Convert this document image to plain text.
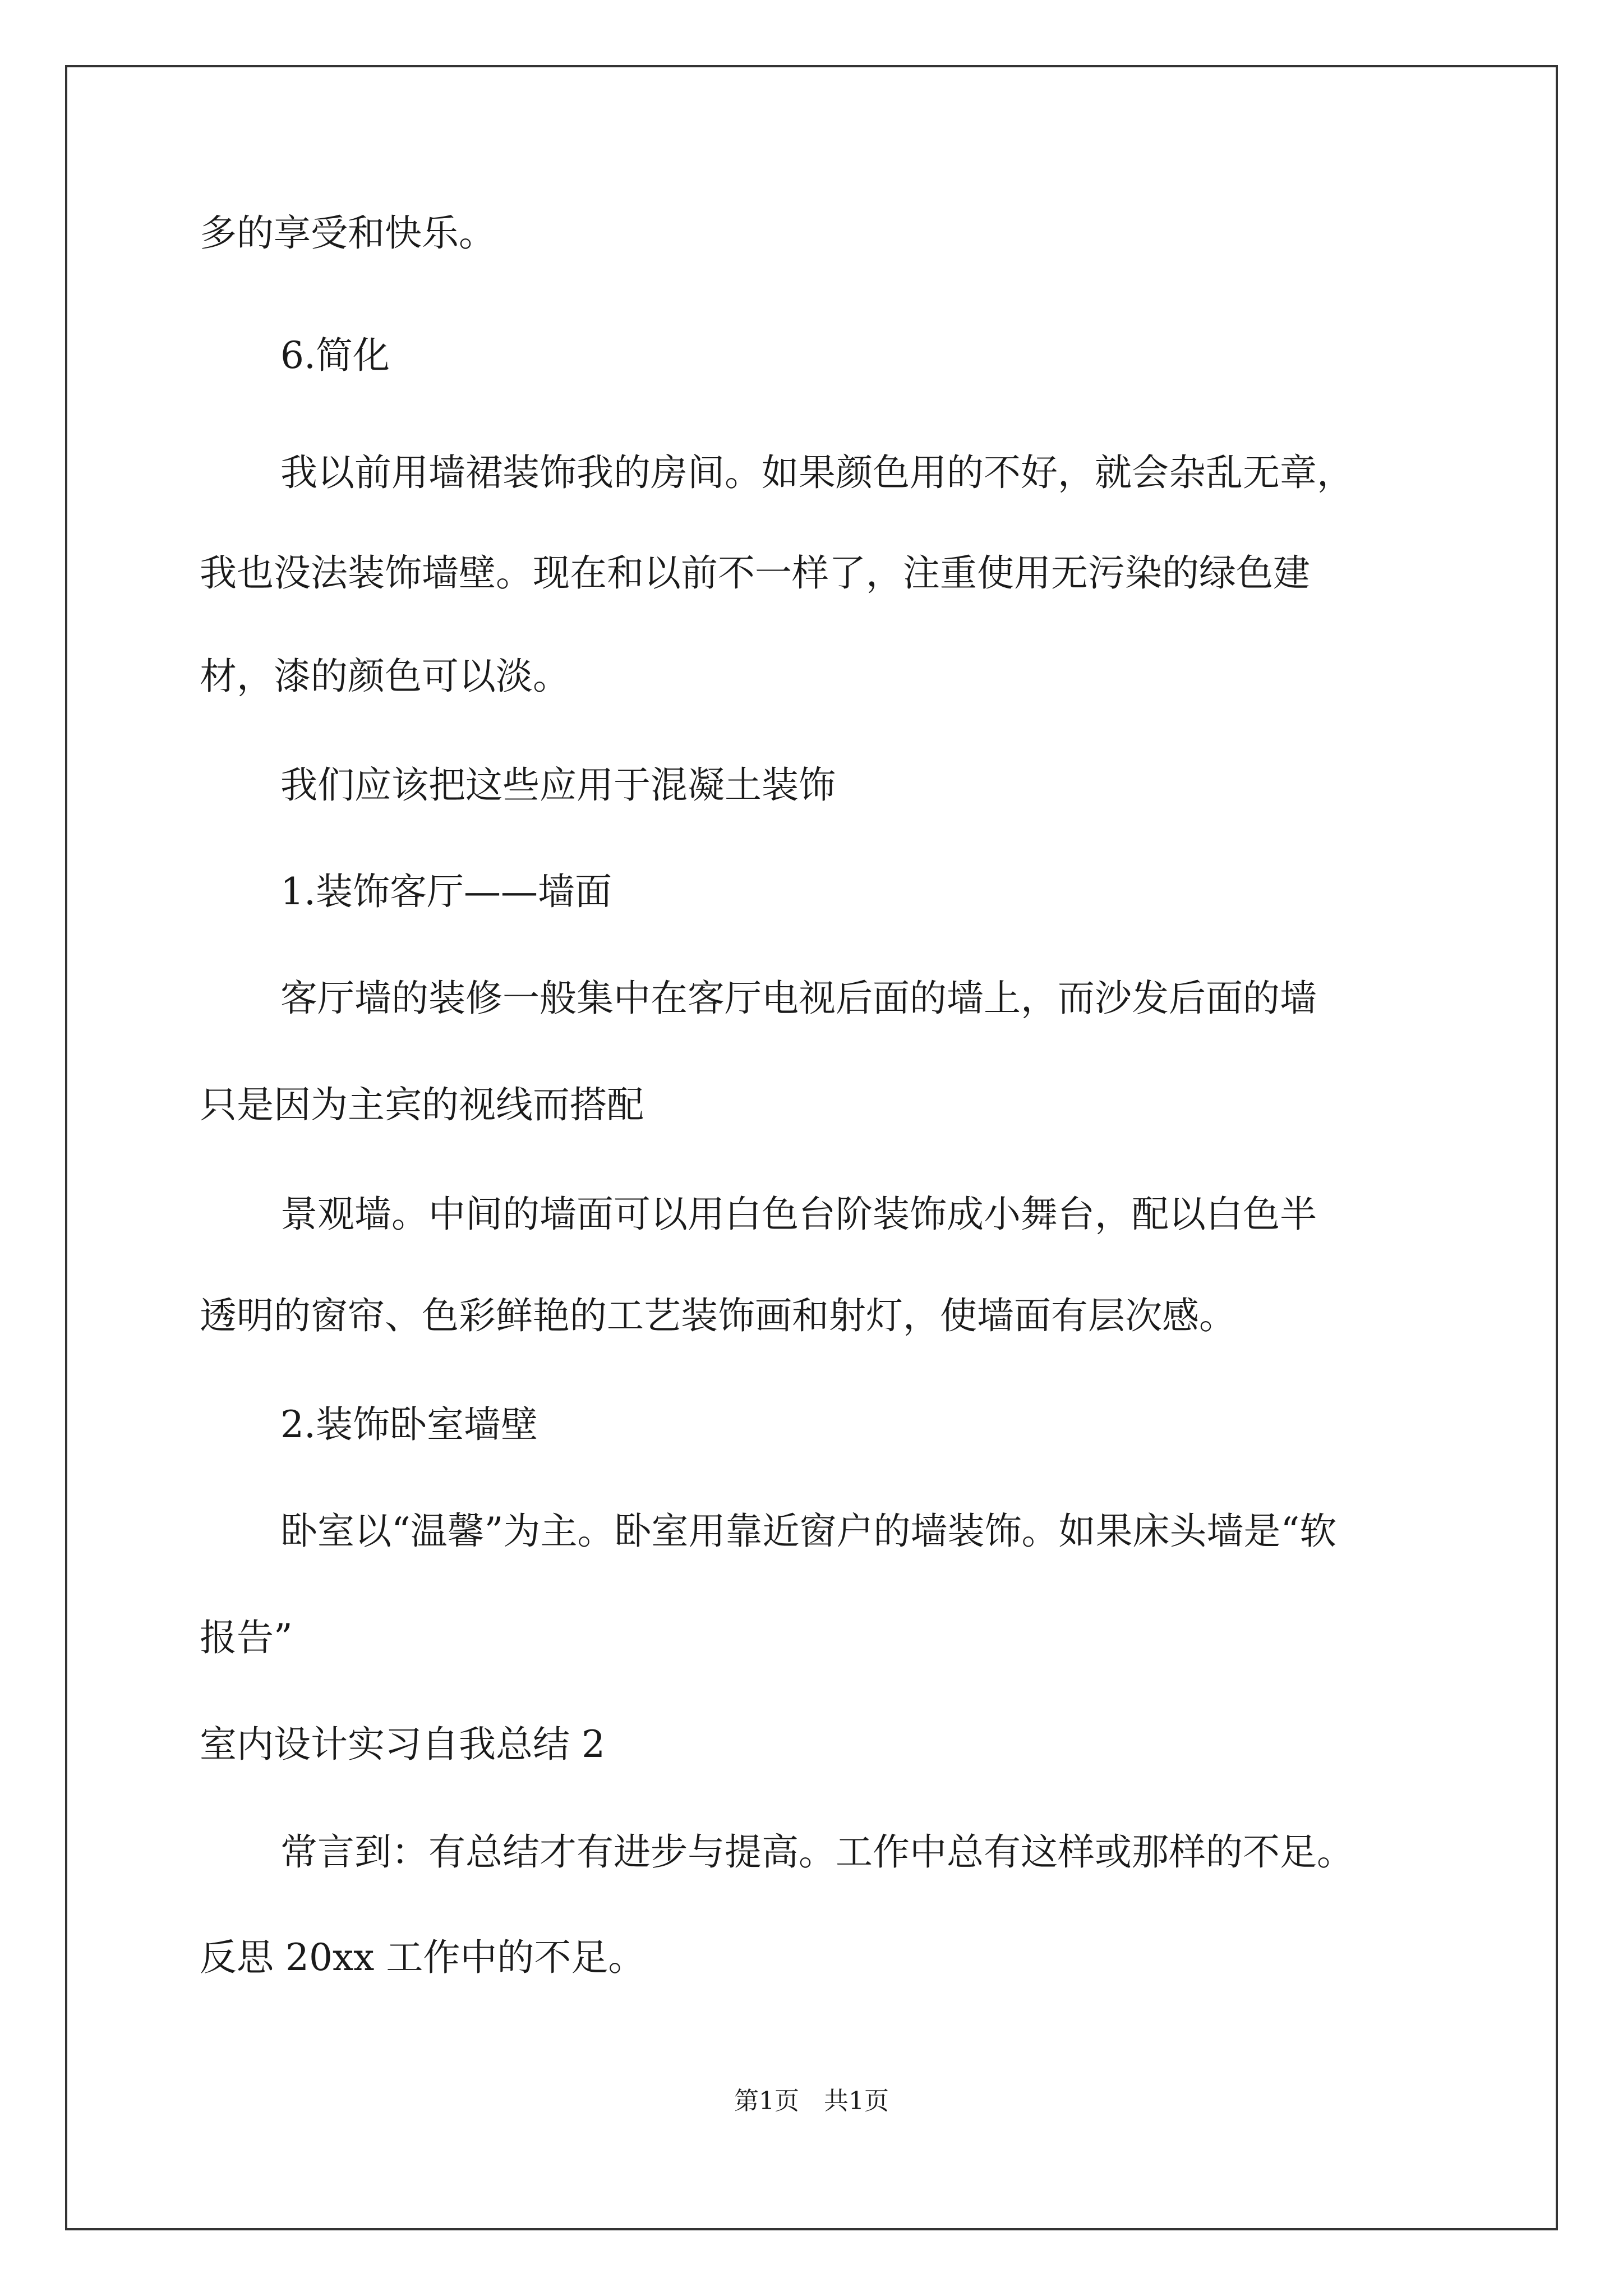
多的享受和快乐。
6.简化
我以前用墙裙装饰我的房间。如果颜色用的不好，就会杂乱无章，
我也没法装饰墙壁。现在和以前不一样了，注重使用无污染的绿色建
材，漆的颜色可以淡。
我们应该把这些应用于混凝土装饰
1.装饰客厅——墙面
客厅墙的装修一般集中在客厅电视后面的墙上，而沙发后面的墙
只是因为主宾的视线而搭配
景观墙。中间的墙面可以用白色台阶装饰成小舞台，配以白色半
透明的窗帘、色彩鲜艳的工艺装饰画和射灯，使墙面有层次感。
2.装饰卧室墙壁
卧室以“温馨”为主。卧室用靠近窗户的墙装饰。如果床头墙是“软
报告”
室内设计实习自我总结 2
常言到：有总结才有进步与提高。工作中总有这样或那样的不足。
反思 20xx 工作中的不足。
第1页　共1页
